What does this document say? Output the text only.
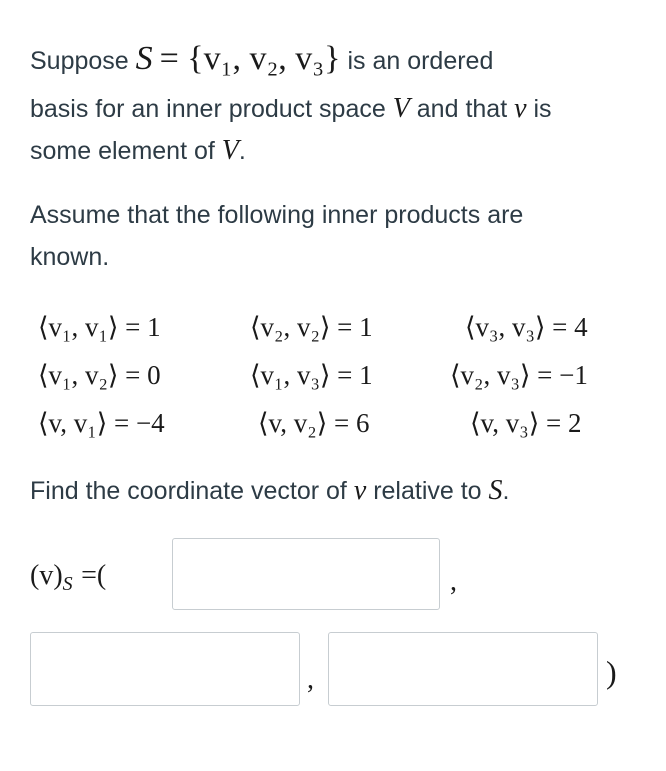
Suppose S = {v₁, v₂, v₃} is an ordered
basis for an inner product space V and that v is
some element of V.
Assume that the following inner products are
known.
⟨v₁, v₁⟩ = 1	⟨v₂, v₂⟩ = 1	⟨v₃, v₃⟩ = 4
⟨v₁, v₂⟩ = 0	⟨v₁, v₃⟩ = 1	⟨v₂, v₃⟩ = −1
⟨v, v₁⟩ = −4	⟨v, v₂⟩ = 6	⟨v, v₃⟩ = 2
Find the coordinate vector of v relative to S.
(v)S =(	,
,	)
